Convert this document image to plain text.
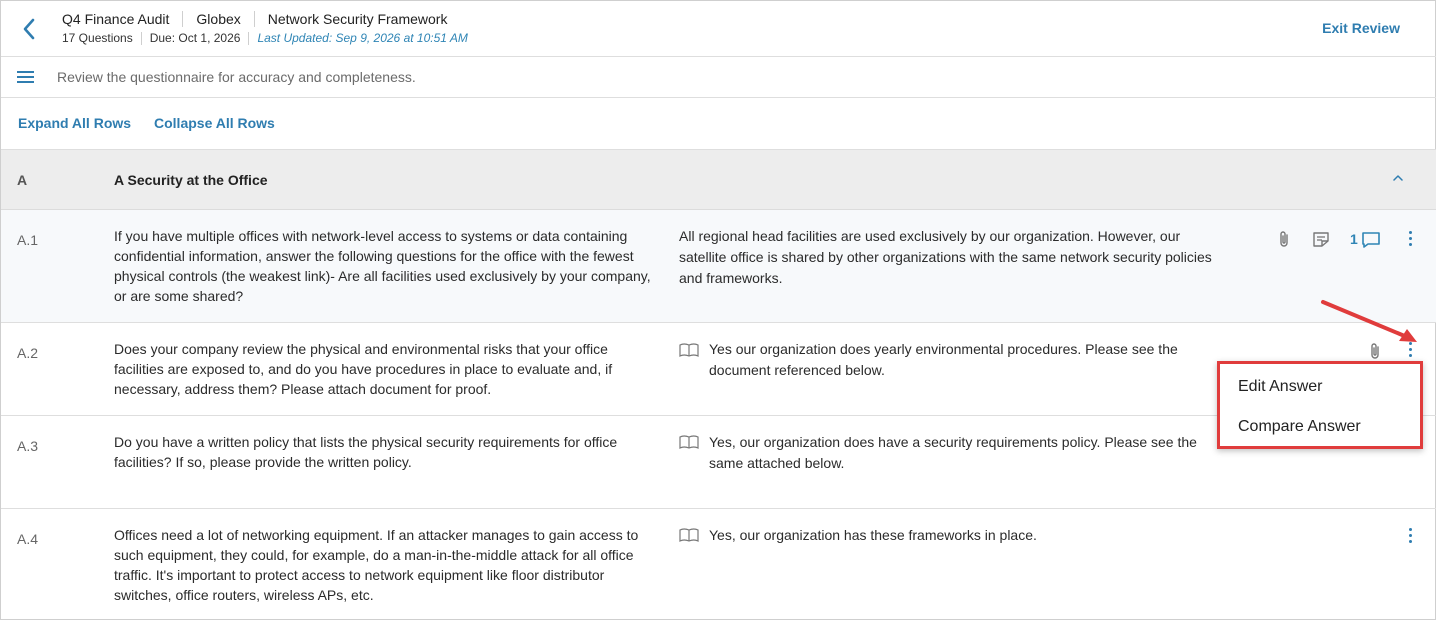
Q4 Finance Audit	Globex	Network Security Framework
17 Questions	Due: Oct 1, 2026	Last Updated: Sep 9, 2026 at 10:51 AM
Exit Review
Review the questionnaire for accuracy and completeness.
Expand All Rows Collapse All Rows
A	A Security at the Office
A.1	If you have multiple offices with network-level access to systems or data containing confidential information, answer the following questions for the office with the fewest physical controls (the weakest link)- Are all facilities used exclusively by your company, or are some shared?
All regional head facilities are used exclusively by our organization. However, our satellite office is shared by other organizations with the same network security policies and frameworks.
1
A.2	Does your company review the physical and environmental risks that your office facilities are exposed to, and do you have procedures in place to evaluate and, if necessary, address them? Please attach document for proof.
Yes our organization does yearly environmental procedures. Please see the document referenced below.
A.3	Do you have a written policy that lists the physical security requirements for office facilities? If so, please provide the written policy.
Yes, our organization does have a security requirements policy. Please see the same attached below.
A.4	Offices need a lot of networking equipment. If an attacker manages to gain access to such equipment, they could, for example, do a man-in-the-middle attack for all office traffic. It's important to protect access to network equipment like floor distributor switches, office routers, wireless APs, etc.
Yes, our organization has these frameworks in place.
Edit Answer
Compare Answer
